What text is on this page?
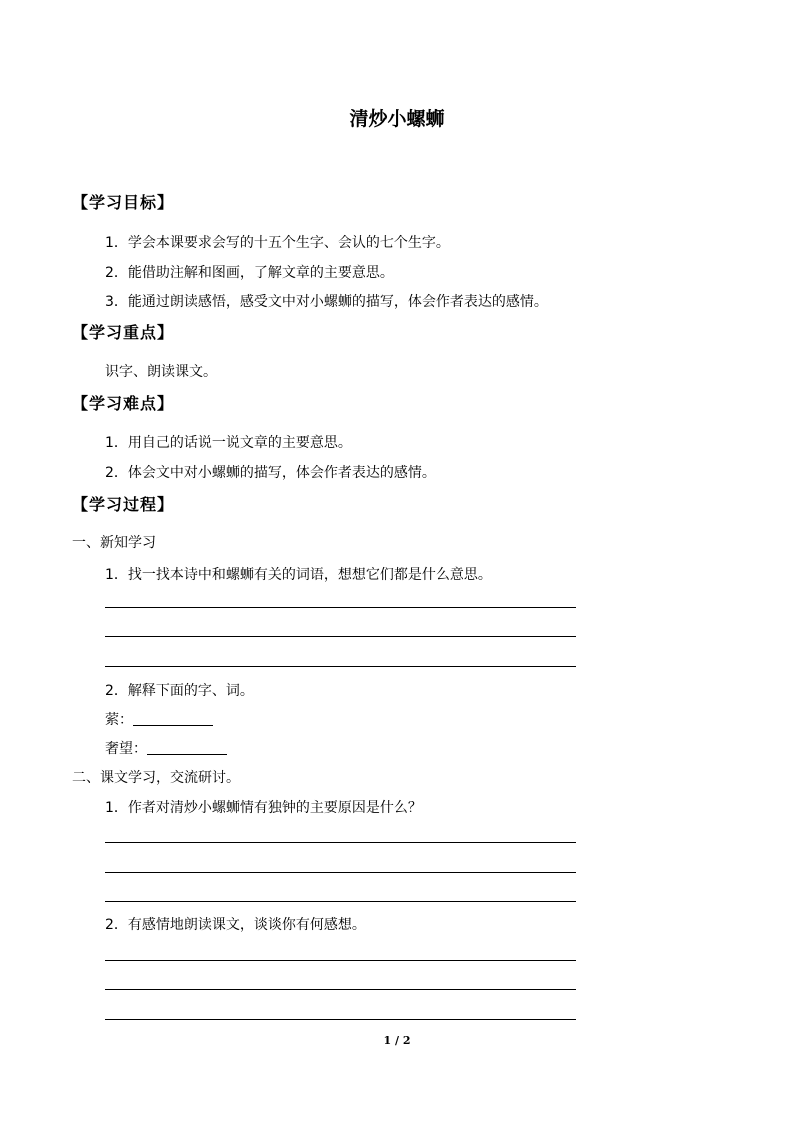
清炒小螺蛳
【学习目标】
1．学会本课要求会写的十五个生字、会认的七个生字。
2．能借助注解和图画，了解文章的主要意思。
3．能通过朗读感悟，感受文中对小螺蛳的描写，体会作者表达的感情。
【学习重点】
识字、朗读课文。
【学习难点】
1．用自己的话说一说文章的主要意思。
2．体会文中对小螺蛳的描写，体会作者表达的感情。
【学习过程】
一、新知学习
1．找一找本诗中和螺蛳有关的词语，想想它们都是什么意思。
2．解释下面的字、词。
萦：
奢望：
二、课文学习，交流研讨。
1．作者对清炒小螺蛳情有独钟的主要原因是什么？
2．有感情地朗读课文，谈谈你有何感想。
1 / 2
